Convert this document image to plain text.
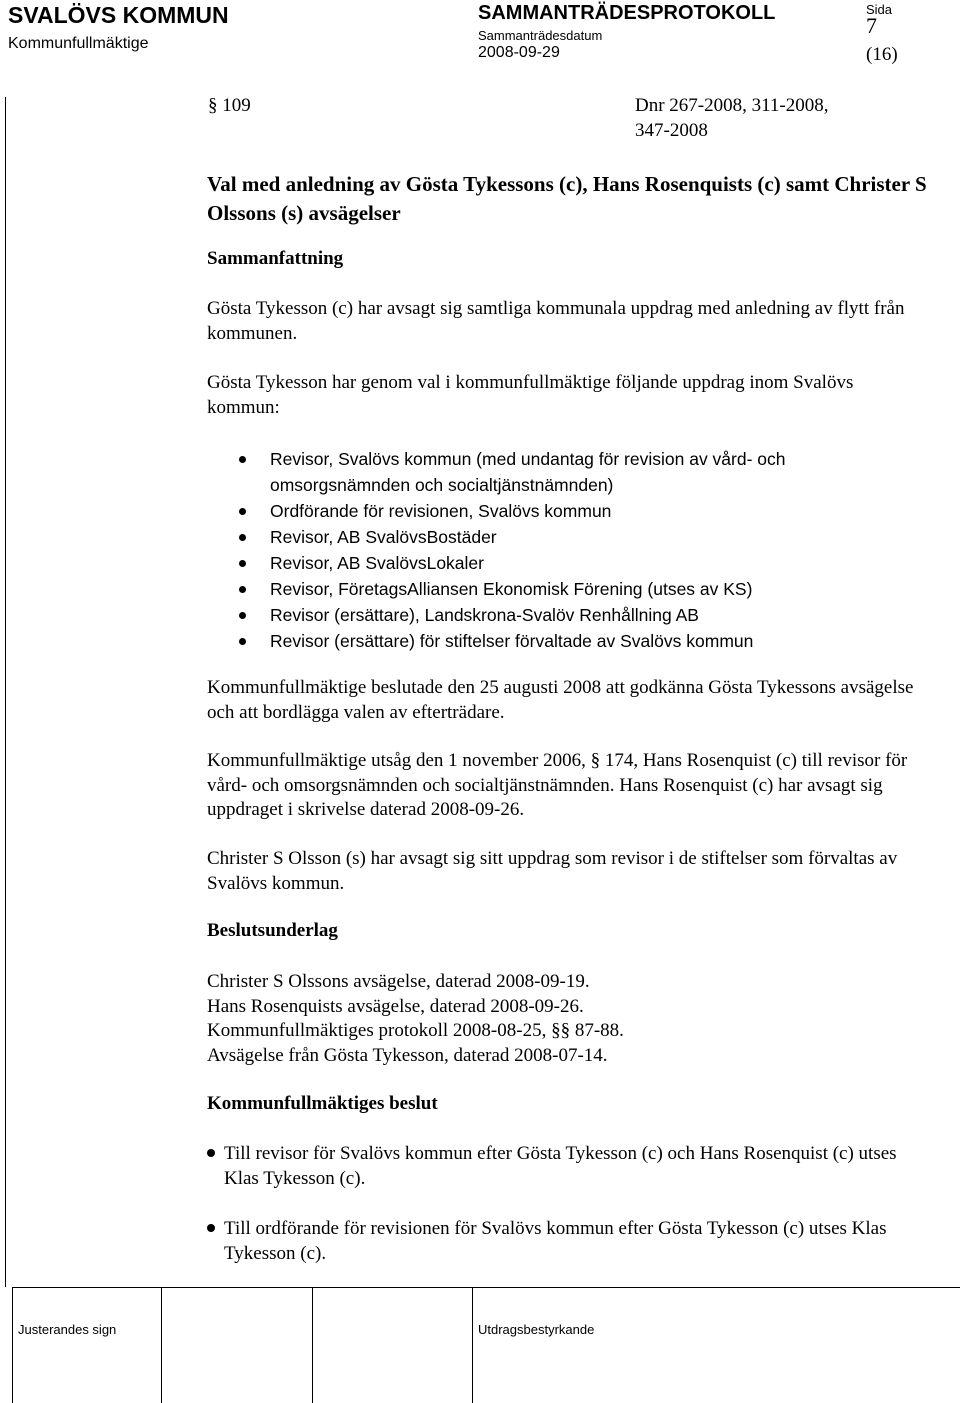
SVALÖVS KOMMUN
Kommunfullmäktige
SAMMANTRÄDESPROTOKOLL
Sammanträdesdatum
2008-09-29
Sida
7
(16)
§ 109	Dnr 267-2008, 311-2008,
347-2008
Val med anledning av Gösta Tykessons (c), Hans Rosenquists (c) samt Christer S Olssons (s) avsägelser
Sammanfattning
Gösta Tykesson (c) har avsagt sig samtliga kommunala uppdrag med anledning av flytt från kommunen.
Gösta Tykesson har genom val i kommunfullmäktige följande uppdrag inom Svalövs kommun:
Revisor, Svalövs kommun (med undantag för revision av vård- och omsorgsnämnden och socialtjänstnämnden)
Ordförande för revisionen, Svalövs kommun
Revisor, AB SvalövsBostäder
Revisor, AB SvalövsLokaler
Revisor, FöretagsAlliansen Ekonomisk Förening (utses av KS)
Revisor (ersättare), Landskrona-Svalöv Renhållning AB
Revisor (ersättare) för stiftelser förvaltade av Svalövs kommun
Kommunfullmäktige beslutade den 25 augusti 2008 att godkänna Gösta Tykessons avsägelse och att bordlägga valen av efterträdare.
Kommunfullmäktige utsåg den 1 november 2006, § 174, Hans Rosenquist (c) till revisor för vård- och omsorgsnämnden och socialtjänstnämnden. Hans Rosenquist (c) har avsagt sig uppdraget i skrivelse daterad 2008-09-26.
Christer S Olsson (s) har avsagt sig sitt uppdrag som revisor i de stiftelser som förvaltas av Svalövs kommun.
Beslutsunderlag
Christer S Olssons avsägelse, daterad 2008-09-19.
Hans Rosenquists avsägelse, daterad 2008-09-26.
Kommunfullmäktiges protokoll 2008-08-25, §§ 87-88.
Avsägelse från Gösta Tykesson, daterad 2008-07-14.
Kommunfullmäktiges beslut
Till revisor för Svalövs kommun efter Gösta Tykesson (c) och Hans Rosenquist (c) utses Klas Tykesson (c).
Till ordförande för revisionen för Svalövs kommun efter Gösta Tykesson (c) utses Klas Tykesson (c).
Justerandes sign	Utdragsbestyrkande
